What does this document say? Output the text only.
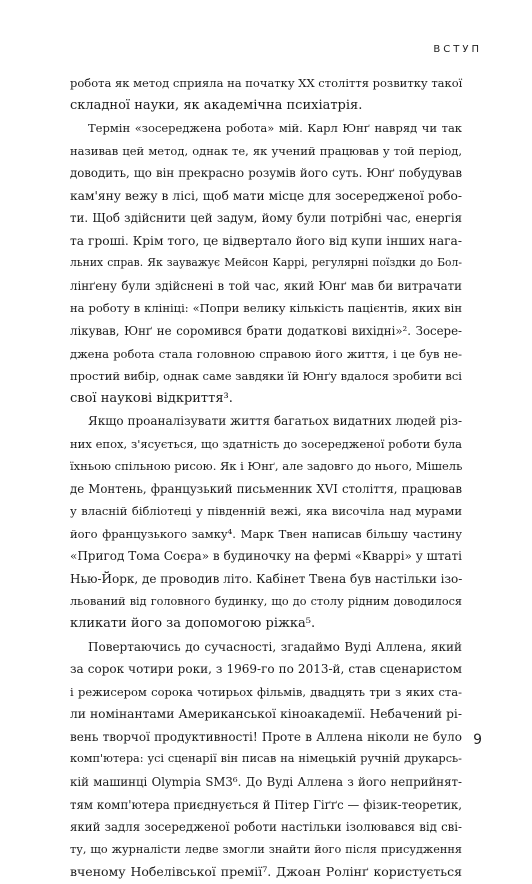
ВСТУП
робота як метод сприяла на початку XX століття розвитку такої
складної науки, як академічна психіатрія.
Термін «зосереджена робота» мій. Карл Юнґ навряд чи так
називав цей метод, однак те, як учений працював у той період,
доводить, що він прекрасно розумів його суть. Юнґ побудував
кам'яну вежу в лісі, щоб мати місце для зосередженої робо-
ти. Щоб здійснити цей задум, йому були потрібні час, енергія
та гроші. Крім того, це відвертало його від купи інших нага-
льних справ. Як зауважує Мейсон Каррі, регулярні поїздки до Бол-
лінґену були здійснені в той час, який Юнґ мав би витрачати
на роботу в клініці: «Попри велику кількість пацієнтів, яких він
лікував, Юнґ не соромився брати додаткові вихідні»². Зосере-
джена робота стала головною справою його життя, і це був не-
простий вибір, однак саме завдяки їй Юнґу вдалося зробити всі
свої наукові відкриття³.
Якщо проаналізувати життя багатьох видатних людей різ-
них епох, з'ясується, що здатність до зосередженої роботи була
їхньою спільною рисою. Як і Юнґ, але задовго до нього, Мішель
де Монтень, французький письменник XVI століття, працював
у власній бібліотеці у південній вежі, яка височіла над мурами
його французького замку⁴. Марк Твен написав більшу частину
«Пригод Тома Соєра» в будиночку на фермі «Кваррі» у штаті
Нью-Йорк, де проводив літо. Кабінет Твена був настільки ізо-
льований від головного будинку, що до столу рідним доводилося
кликати його за допомогою ріжка⁵.
Повертаючись до сучасності, згадаймо Вуді Аллена, який
за сорок чотири роки, з 1969-го по 2013-й, став сценаристом
і режисером сорока чотирьох фільмів, двадцять три з яких ста-
ли номінантами Американської кіноакадемії. Небачений рі-
вень творчої продуктивності! Проте в Аллена ніколи не було
комп'ютера: усі сценарії він писав на німецькій ручній друкарсь-
кій машинці Olympia SM3⁶. До Вуді Аллена з його неприйнят-
тям комп'ютера приєднується й Пітер Гіґґс — фізик-теоретик,
який задля зосередженої роботи настільки ізолювався від сві-
ту, що журналісти ледве змогли знайти його після присудження
вченому Нобелівської премії⁷. Джоан Ролінґ користується
9
